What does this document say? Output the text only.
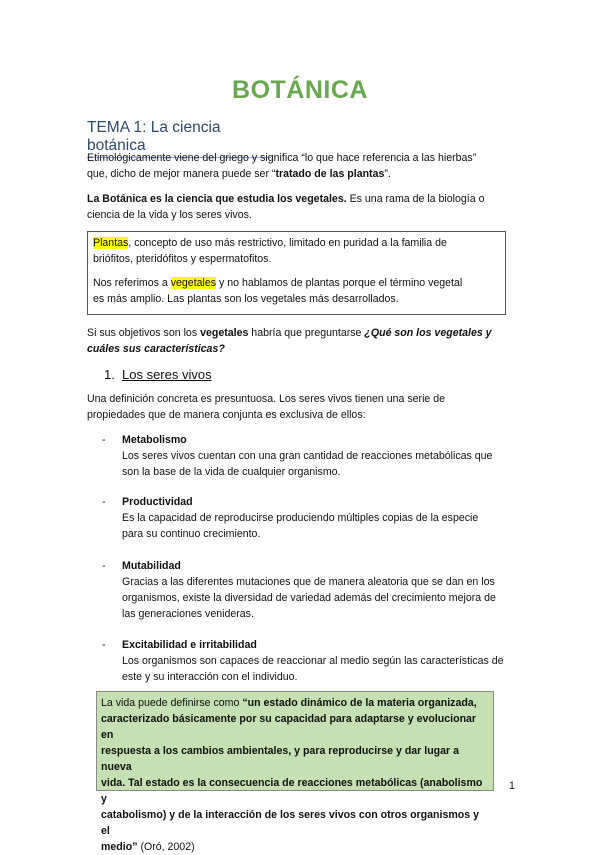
BOTÁNICA
TEMA 1: La ciencia botánica

Etimológicamente viene del griego y significa “lo que hace referencia a las hierbas”

que, dicho de mejor manera puede ser “tratado de las plantas”.

La Botánica es la ciencia que estudia los vegetales. Es una rama de la biología o

ciencia de la vida y los seres vivos.

Plantas, concepto de uso más restrictivo, limitado en puridad a la familia de

briófitos, pteridófitos y espermatofitos.

Nos referimos a vegetales y no hablamos de plantas porque el término vegetal

es más amplio. Las plantas son los vegetales más desarrollados.

Si sus objetivos son los vegetales habría que preguntarse ¿Qué son los vegetales y

cuáles sus características?

1. Los seres vivos

Una definición concreta es presuntuosa. Los seres vivos tienen una serie de

propiedades que de manera conjunta es exclusiva de ellos:

- Metabolismo

Los seres vivos cuentan con una gran cantidad de reacciones metabólicas que

son la base de la vida de cualquier organismo.

- Productividad

Es la capacidad de reproducirse produciendo múltiples copias de la especie

para su continuo crecimiento.

- Mutabilidad

Gracias a las diferentes mutaciones que de manera aleatoria que se dan en los

organismos, existe la diversidad de variedad además del crecimiento mejora de

las generaciones venideras.

- Excitabilidad e irritabilidad

Los organismos son capaces de reaccionar al medio según las características de

este y su interacción con el individuo.

La vida puede definirse como “un estado dinámico de la materia organizada,

caracterizado básicamente por su capacidad para adaptarse y evolucionar en

respuesta a los cambios ambientales, y para reproducirse y dar lugar a nueva

vida. Tal estado es la consecuencia de reacciones metabólicas (anabolismo y

catabolismo) y de la interacción de los seres vivos con otros organismos y el

medio” (Oró, 2002)

1
